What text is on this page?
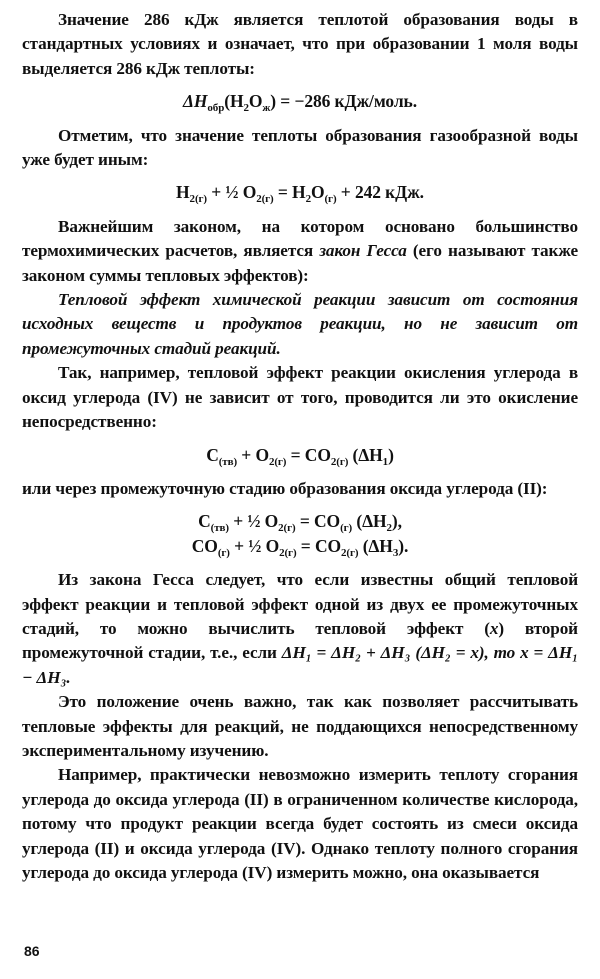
Значение 286 кДж является теплотой образования воды в стандартных условиях и означает, что при образовании 1 моля воды выделяется 286 кДж теплоты:

$\Delta H_{обр}(H_2O_ж) = -286$ кДж/моль.

Отметим, что значение теплоты образования газообразной воды уже будет иным:

$H_{2(г)}$ + ½ $O_{2(г)} = H_2O_{(г)} + 242$ кДж.

Важнейшим законом, на котором основано большинство термохимических расчетов, является закон Гесса (его называют также законом суммы тепловых эффектов):

Тепловой эффект химической реакции зависит от состояния исходных веществ и продуктов реакции, но не зависит от промежуточных стадий реакций.

Так, например, тепловой эффект реакции окисления углерода в оксид углерода (IV) не зависит от того, проводится ли это окисление непосредственно:

$C_{(тв)} + O_{2(г)} = CO_{2(г)}$ $(\Delta H_1)$

или через промежуточную стадию образования оксида углерода (II):

$C_{(тв)}$ + ½ $O_{2(г)} = CO_{(г)}$ $(\Delta H_2)$,
$CO_{(г)}$ + ½ $O_{2(г)} = CO_{2(г)}$ $(\Delta H_3)$.

Из закона Гесса следует, что если известны общий тепловой эффект реакции и тепловой эффект одной из двух ее промежуточных стадий, то можно вычислить тепловой эффект (x) второй промежуточной стадии, т.е., если ΔH₁ = ΔH₂ + ΔH₃ (ΔH₂ = x), то x = ΔH₁ − ΔH₃.

Это положение очень важно, так как позволяет рассчитывать тепловые эффекты для реакций, не поддающихся непосредственному экспериментальному изучению.

Например, практически невозможно измерить теплоту сгорания углерода до оксида углерода (II) в ограниченном количестве кислорода, потому что продукт реакции всегда будет состоять из смеси оксида углерода (II) и оксида углерода (IV). Однако теплоту полного сгорания углерода до оксида углерода (IV) измерить можно, она оказывается

86
